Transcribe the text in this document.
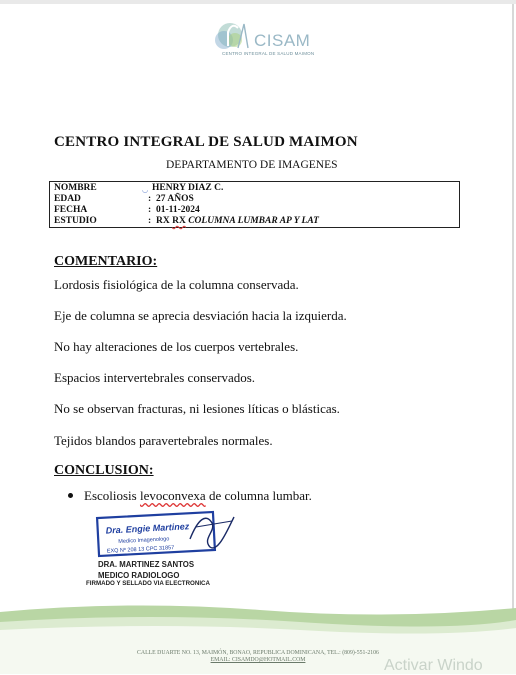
CISAM
CENTRO INTEGRAL DE SALUD MAIMON
CENTRO INTEGRAL DE SALUD MAIMON
DEPARTAMENTO DE IMAGENES
NOMBRE	◡ HENRY DIAZ C.
EDAD	: 27 AÑOS
FECHA	: 01-11-2024
ESTUDIO	: RX RX COLUMNA LUMBAR AP Y LAT
COMENTARIO:
Lordosis fisiológica de la columna conservada.
Eje de columna se aprecia desviación hacia la izquierda.
No hay alteraciones de los cuerpos vertebrales.
Espacios intervertebrales conservados.
No se observan fracturas, ni lesiones líticas o blásticas.
Tejidos blandos paravertebrales normales.
CONCLUSION:
Escoliosis levoconvexa de columna lumbar.
Dra. Engie Martinez
Medico Imagenologo
EXQ Nº 208 13 CPC 31857
DRA. MARTINEZ SANTOS
MEDICO RADIOLOGO
FIRMADO Y SELLADO VIA ELECTRONICA
CALLE DUARTE NO. 13, MAIMÓN, BONAO, REPUBLICA DOMINICANA, TEL.: (809)-551-2106
EMAIL: CISAMDO@HOTMAIL.COM	Activar Windo
